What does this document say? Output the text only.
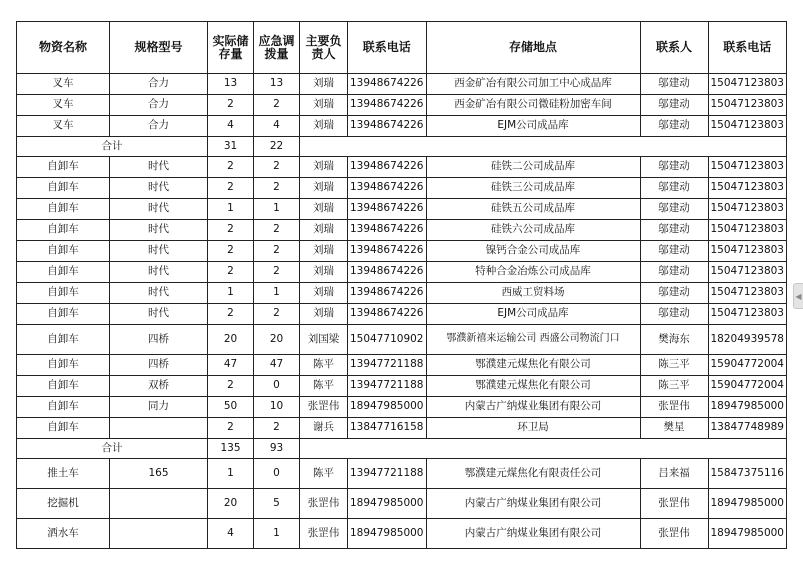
物资名称	规格型号	实际储存量	应急调拨量	主要负责人	联系电话	存储地点	联系人	联系电话
叉车	合力	13	13	刘瑞	13948674226	西金矿冶有限公司加工中心成品库	邬建动	15047123803
叉车	合力	2	2	刘瑞	13948674226	西金矿冶有限公司微硅粉加密车间	邬建动	15047123803
叉车	合力	4	4	刘瑞	13948674226	EJM公司成品库	邬建动	15047123803
合计		31	22					
自卸车	时代	2	2	刘瑞	13948674226	硅铁二公司成品库	邬建动	15047123803
自卸车	时代	2	2	刘瑞	13948674226	硅铁三公司成品库	邬建动	15047123803
自卸车	时代	1	1	刘瑞	13948674226	硅铁五公司成品库	邬建动	15047123803
自卸车	时代	2	2	刘瑞	13948674226	硅铁六公司成品库	邬建动	15047123803
自卸车	时代	2	2	刘瑞	13948674226	镍钙合金公司成品库	邬建动	15047123803
自卸车	时代	2	2	刘瑞	13948674226	特种合金冶炼公司成品库	邬建动	15047123803
自卸车	时代	1	1	刘瑞	13948674226	西威工贸料场	邬建动	15047123803
自卸车	时代	2	2	刘瑞	13948674226	EJM公司成品库	邬建动	15047123803
自卸车	四桥	20	20	刘国梁	15047710902	鄂濮新禧来运输公司 西盛公司物流门口	樊海东	18204939578
自卸车	四桥	47	47	陈平	13947721188	鄂濮建元煤焦化有限公司	陈三平	15904772004
自卸车	双桥	2	0	陈平	13947721188	鄂濮建元煤焦化有限公司	陈三平	15904772004
自卸车	同力	50	10	张罡伟	18947985000	内蒙古广纳煤业集团有限公司	张罡伟	18947985000
自卸车		2	2	谢兵	13847716158	环卫局	樊星	13847748989
合计		135	93					
推土车	165	1	0	陈平	13947721188	鄂濮建元煤焦化有限责任公司	吕来福	15847375116
挖掘机		20	5	张罡伟	18947985000	内蒙古广纳煤业集团有限公司	张罡伟	18947985000
洒水车		4	1	张罡伟	18947985000	内蒙古广纳煤业集团有限公司	张罡伟	18947985000
◀
